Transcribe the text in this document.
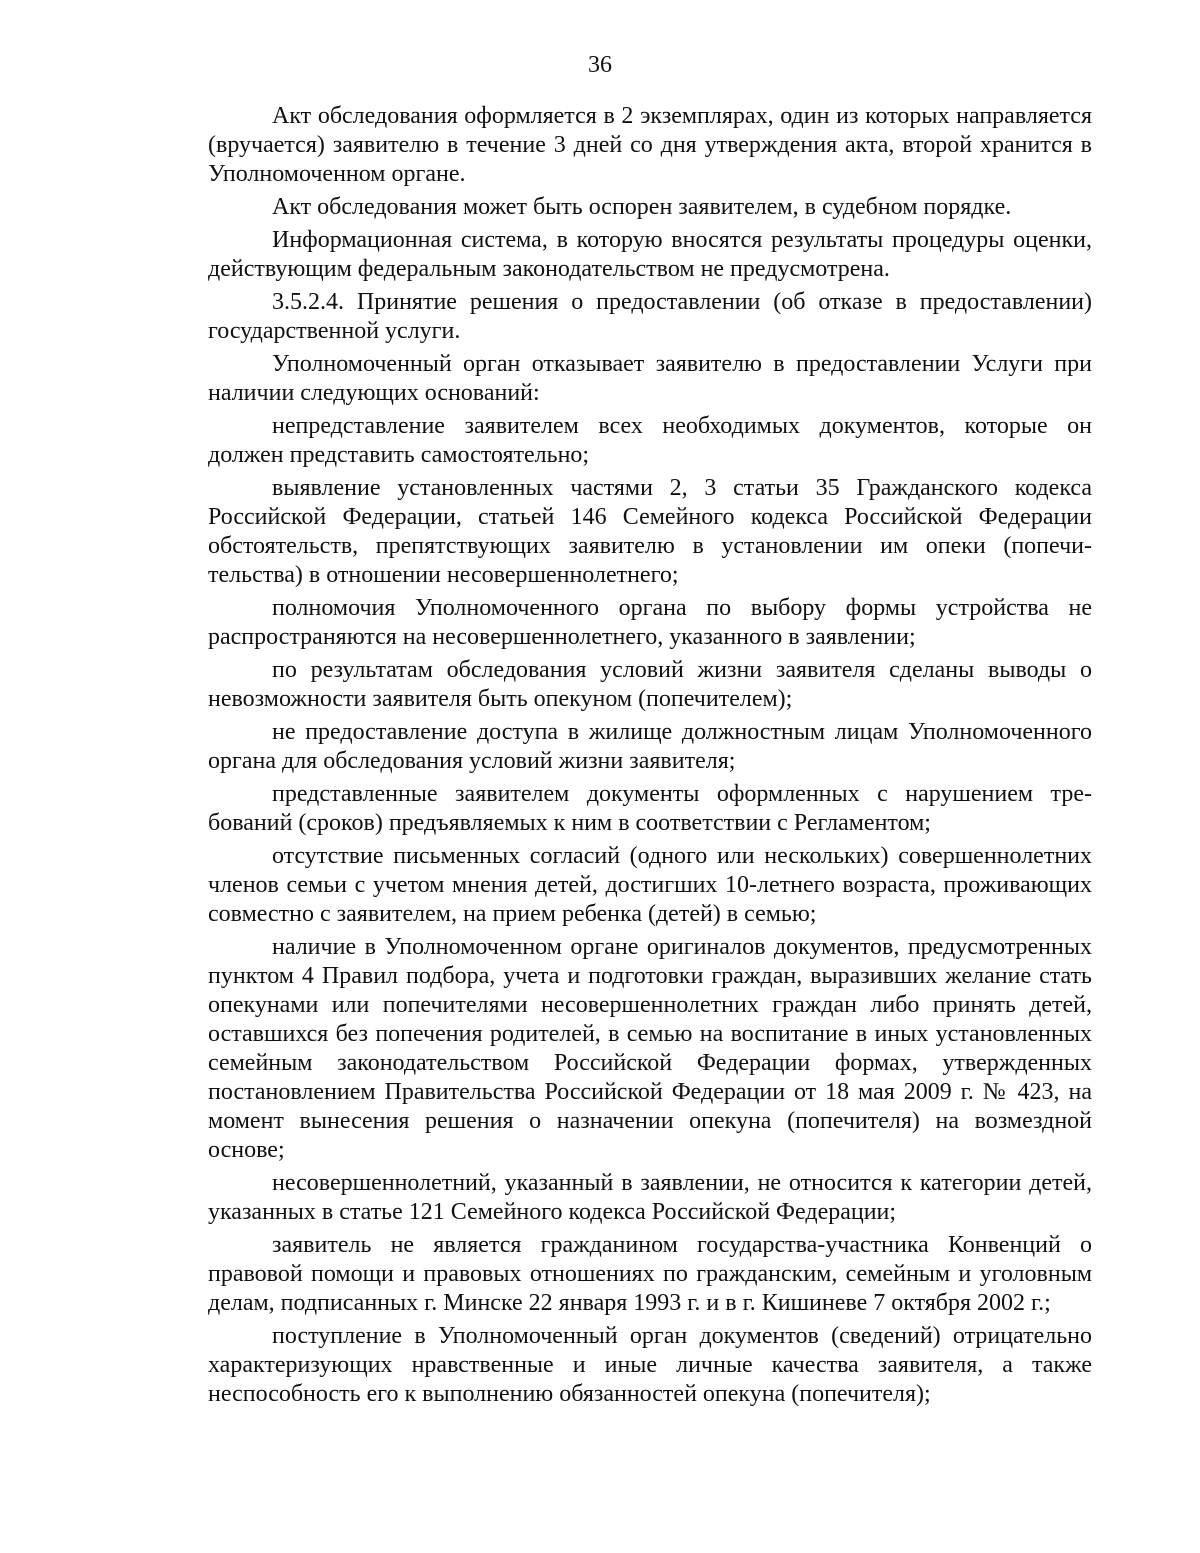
36

Акт обследования оформляется в 2 экземплярах, один из которых направляется (вручается) заявителю в течение 3 дней со дня утверждения акта, второй хранится в Уполномоченном органе.

Акт обследования может быть оспорен заявителем, в судебном порядке.

Информационная система, в которую вносятся результаты процедуры оценки, действующим федеральным законодательством не предусмотрена.

3.5.2.4. Принятие решения о предоставлении (об отказе в предоставлении) государственной услуги.

Уполномоченный орган отказывает заявителю в предоставлении Услуги при наличии следующих оснований:

непредставление заявителем всех необходимых документов, которые он должен представить самостоятельно;

выявление установленных частями 2, 3 статьи 35 Гражданского кодекса Российской Федерации, статьей 146 Семейного кодекса Российской Федерации обстоятельств, препятствующих заявителю в установлении им опеки (попечительства) в отношении несовершеннолетнего;

полномочия Уполномоченного органа по выбору формы устройства не распространяются на несовершеннолетнего, указанного в заявлении;

по результатам обследования условий жизни заявителя сделаны выводы о невозможности заявителя быть опекуном (попечителем);

не предоставление доступа в жилище должностным лицам Уполномоченного органа для обследования условий жизни заявителя;

представленные заявителем документы оформленных с нарушением требований (сроков) предъявляемых к ним в соответствии с Регламентом;

отсутствие письменных согласий (одного или нескольких) совершеннолетних членов семьи с учетом мнения детей, достигших 10-летнего возраста, проживающих совместно с заявителем, на прием ребенка (детей) в семью;

наличие в Уполномоченном органе оригиналов документов, предусмотренных пунктом 4 Правил подбора, учета и подготовки граждан, выразивших желание стать опекунами или попечителями несовершеннолетних граждан либо принять детей, оставшихся без попечения родителей, в семью на воспитание в иных установленных семейным законодательством Российской Федерации формах, утвержденных постановлением Правительства Российской Федерации от 18 мая 2009 г. № 423, на момент вынесения решения о назначении опекуна (попечителя) на возмездной основе;

несовершеннолетний, указанный в заявлении, не относится к категории детей, указанных в статье 121 Семейного кодекса Российской Федерации;

заявитель не является гражданином государства-участника Конвенций о правовой помощи и правовых отношениях по гражданским, семейным и уголовным делам, подписанных г. Минске 22 января 1993 г. и в г. Кишиневе 7 октября 2002 г.;

поступление в Уполномоченный орган документов (сведений) отрицательно характеризующих нравственные и иные личные качества заявителя, а также неспособность его к выполнению обязанностей опекуна (попечителя);
